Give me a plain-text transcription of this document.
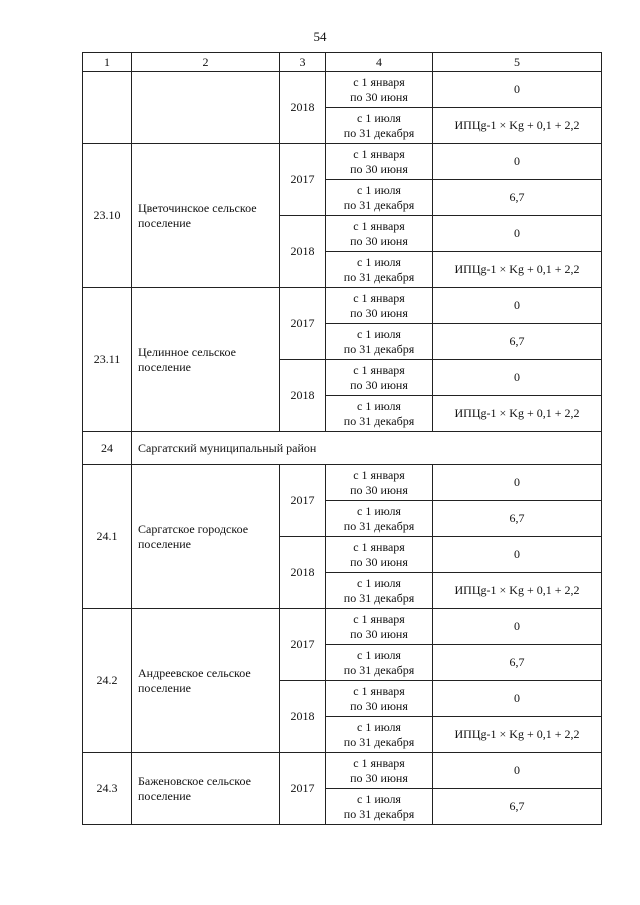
54
1	2	3	4	5
		2018	с 1 января
по 30 июня	0

			с 1 июля
по 31 декабря	ИПЦg-1 × Kg + 0,1 + 2,2
23.10	Цветочинское сельское поселение	2017	с 1 января
по 30 июня	0

			с 1 июля
по 31 декабря	6,7
		2018	с 1 января
по 30 июня	0

			с 1 июля
по 31 декабря	ИПЦg-1 × Kg + 0,1 + 2,2
23.11	Целинное сельское поселение	2017	с 1 января
по 30 июня	0

			с 1 июля
по 31 декабря	6,7
		2018	с 1 января
по 30 июня	0

			с 1 июля
по 31 декабря	ИПЦg-1 × Kg + 0,1 + 2,2
24	Саргатский муниципальный район			
24.1	Саргатское городское поселение	2017	с 1 января
по 30 июня	0

			с 1 июля
по 31 декабря	6,7
		2018	с 1 января
по 30 июня	0

			с 1 июля
по 31 декабря	ИПЦg-1 × Kg + 0,1 + 2,2
24.2	Андреевское сельское поселение	2017	с 1 января
по 30 июня	0

			с 1 июля
по 31 декабря	6,7
		2018	с 1 января
по 30 июня	0

			с 1 июля
по 31 декабря	ИПЦg-1 × Kg + 0,1 + 2,2
24.3	Баженовское сельское поселение	2017	с 1 января
по 30 июня	0

			с 1 июля
по 31 декабря	6,7
